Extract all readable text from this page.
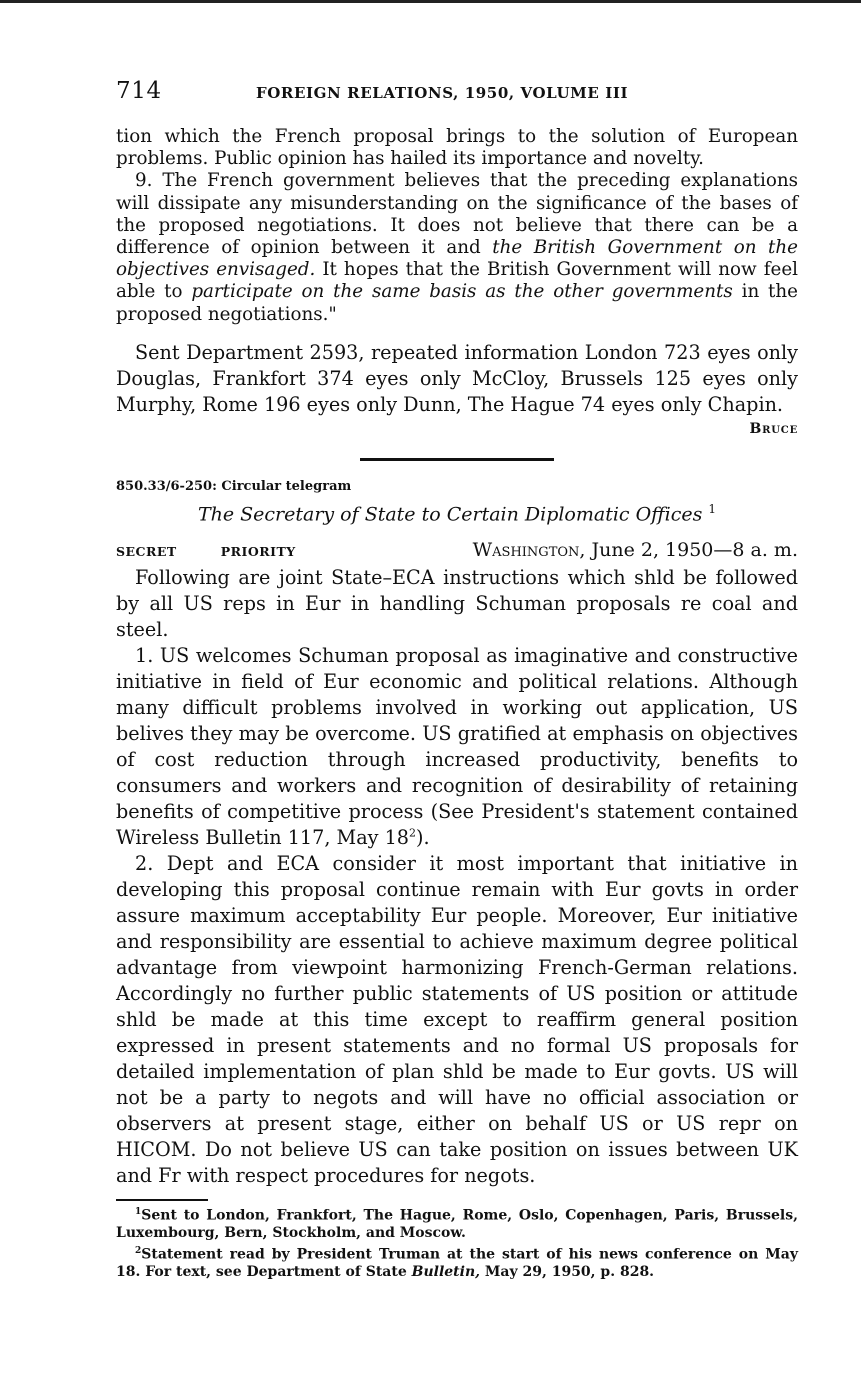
714	FOREIGN RELATIONS, 1950, VOLUME III

tion which the French proposal brings to the solution of European problems. Public opinion has hailed its importance and novelty.

9. The French government believes that the preceding explanations will dissipate any misunderstanding on the significance of the bases of the proposed negotiations. It does not believe that there can be a difference of opinion between it and the British Government on the objectives envisaged. It hopes that the British Government will now feel able to participate on the same basis as the other governments in the proposed negotiations."

Sent Department 2593, repeated information London 723 eyes only Douglas, Frankfort 374 eyes only McCloy, Brussels 125 eyes only Murphy, Rome 196 eyes only Dunn, The Hague 74 eyes only Chapin.

Bruce
850.33/6-250: Circular telegram
The Secretary of State to Certain Diplomatic Offices $^1$
SECRET	PRIORITY	Washington, June 2, 1950—8 a. m.

Following are joint State–ECA instructions which shld be followed by all US reps in Eur in handling Schuman proposals re coal and steel.

1. US welcomes Schuman proposal as imaginative and constructive initiative in field of Eur economic and political relations. Although many difficult problems involved in working out application, US belives they may be overcome. US gratified at emphasis on objectives of cost reduction through increased productivity, benefits to consumers and workers and recognition of desirability of retaining benefits of competitive process (See President's statement contained Wireless Bulletin 117, May 18$^2$).

2. Dept and ECA consider it most important that initiative in developing this proposal continue remain with Eur govts in order assure maximum acceptability Eur people. Moreover, Eur initiative and responsibility are essential to achieve maximum degree political advantage from viewpoint harmonizing French-German relations. Accordingly no further public statements of US position or attitude shld be made at this time except to reaffirm general position expressed in present statements and no formal US proposals for detailed implementation of plan shld be made to Eur govts. US will not be a party to negots and will have no official association or observers at present stage, either on behalf US or US repr on HICOM. Do not believe US can take position on issues between UK and Fr with respect procedures for negots.

$^1$Sent to London, Frankfort, The Hague, Rome, Oslo, Copenhagen, Paris, Brussels, Luxembourg, Bern, Stockholm, and Moscow.

$^2$Statement read by President Truman at the start of his news conference on May 18. For text, see Department of State Bulletin, May 29, 1950, p. 828.
